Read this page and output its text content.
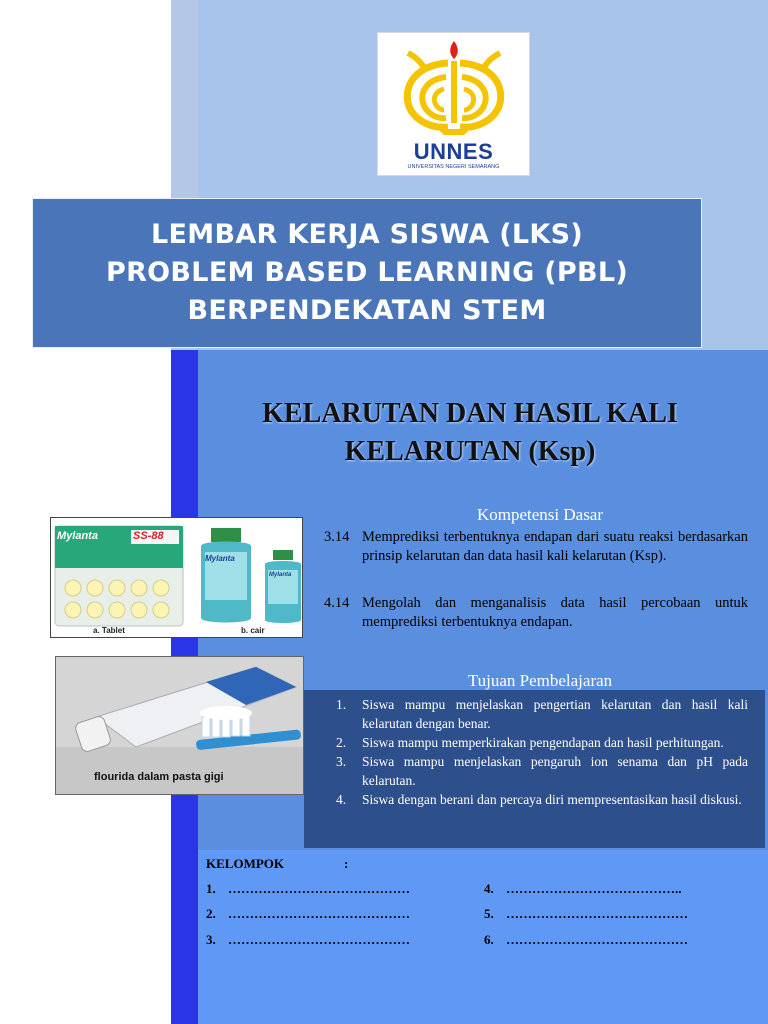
UNNES
UNIVERSITAS NEGERI SEMARANG
LEMBAR KERJA SISWA (LKS)
PROBLEM BASED LEARNING (PBL)
BERPENDEKATAN STEM
KELARUTAN DAN HASIL KALI
KELARUTAN (Ksp)
Mylanta	SS-88
Mylanta
Mylanta
a. Tablet	b. cair
flourida dalam pasta gigi
Kompetensi Dasar
3.14 Memprediksi terbentuknya endapan dari suatu reaksi berdasarkan prinsip kelarutan dan data hasil kali kelarutan (Ksp).
4.14 Mengolah dan menganalisis data hasil percobaan untuk memprediksi terbentuknya endapan.
Tujuan Pembelajaran
1. Siswa mampu menjelaskan pengertian kelarutan dan hasil kali kelarutan dengan benar.
2. Siswa mampu memperkirakan pengendapan dan hasil perhitungan.
3. Siswa mampu menjelaskan pengaruh ion senama dan pH pada kelarutan.
4. Siswa dengan berani dan percaya diri mempresentasikan hasil diskusi.
KELOMPOK	:
1. ……………………………………
2. ……………………………………
3. ……………………………………
4. …………………………………..
5. ……………………………………
6. ……………………………………
